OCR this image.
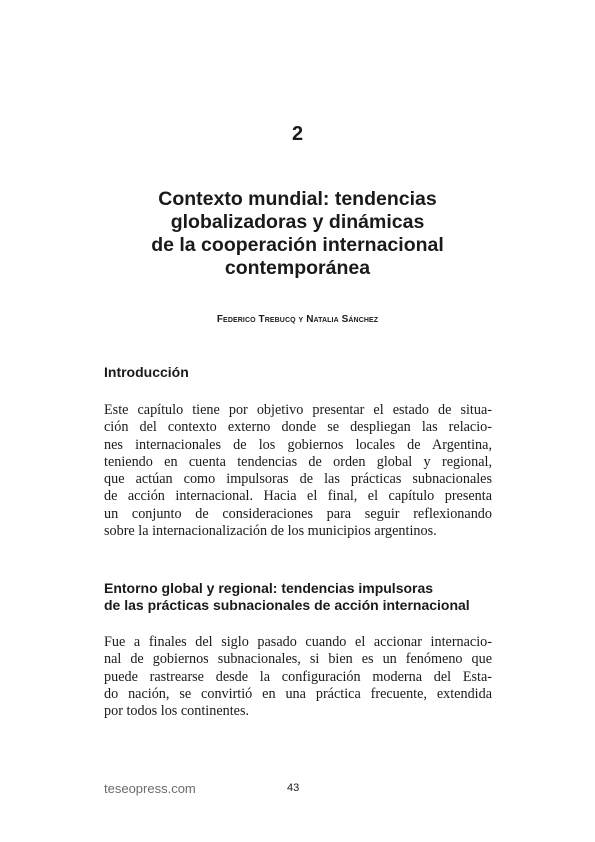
2
Contexto mundial: tendencias
globalizadoras y dinámicas
de la cooperación internacional
contemporánea
Federico Trebucq y Natalia Sánchez
Introducción
Este capítulo tiene por objetivo presentar el estado de situa-
ción del contexto externo donde se despliegan las relacio-
nes internacionales de los gobiernos locales de Argentina,
teniendo en cuenta tendencias de orden global y regional,
que actúan como impulsoras de las prácticas subnacionales
de acción internacional. Hacia el final, el capítulo presenta
un conjunto de consideraciones para seguir reflexionando
sobre la internacionalización de los municipios argentinos.
Entorno global y regional: tendencias impulsoras
de las prácticas subnacionales de acción internacional
Fue a finales del siglo pasado cuando el accionar internacio-
nal de gobiernos subnacionales, si bien es un fenómeno que
puede rastrearse desde la configuración moderna del Esta-
do nación, se convirtió en una práctica frecuente, extendida
por todos los continentes.
teseopress.com	43
